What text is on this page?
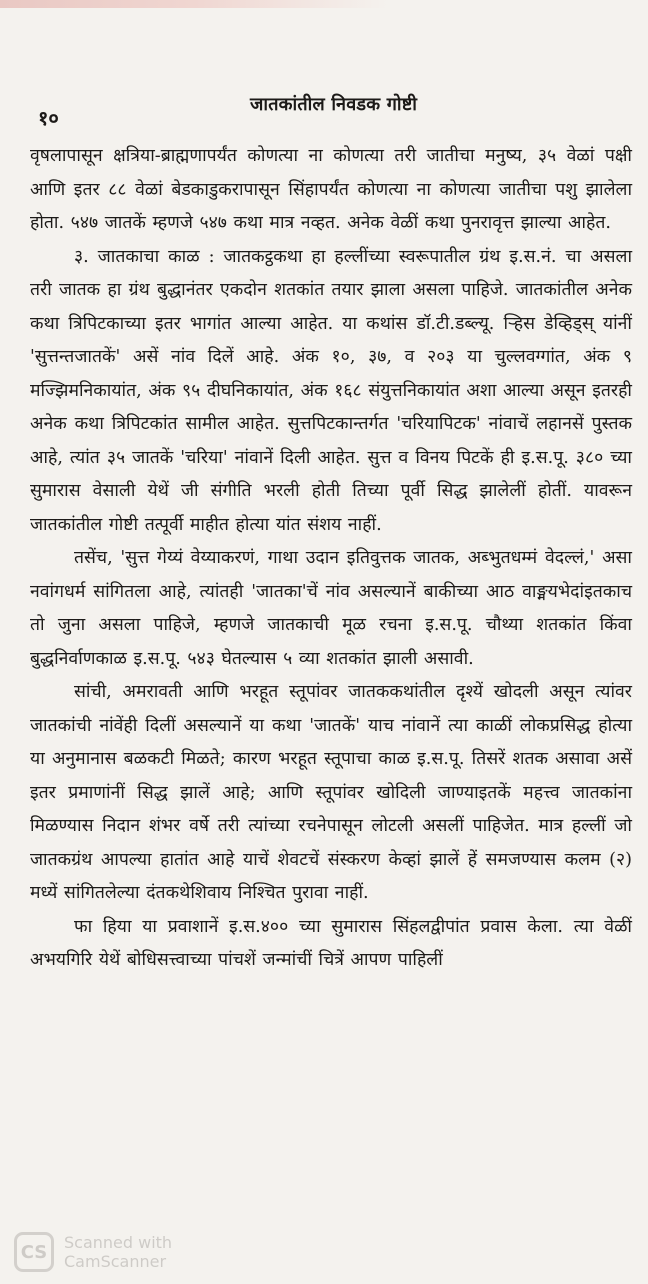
१०
जातकांतील निवडक गोष्टी

वृषलापासून क्षत्रिया-ब्राह्मणापर्यंत कोणत्या ना कोणत्या तरी जातीचा मनुष्य, ३५ वेळां पक्षी आणि इतर ८८ वेळां बेडकाडुकरापासून सिंहापर्यंत कोणत्या ना कोणत्या जातीचा पशु झालेला होता. ५४७ जातकें म्हणजे ५४७ कथा मात्र नव्हत. अनेक वेळीं कथा पुनरावृत्त झाल्या आहेत.

३. जातकाचा काळ : जातकट्ठकथा हा हल्लींच्या स्वरूपातील ग्रंथ इ.स.नं. चा असला तरी जातक हा ग्रंथ बुद्धानंतर एकदोन शतकांत तयार झाला असला पाहिजे. जातकांतील अनेक कथा त्रिपिटकाच्या इतर भागांत आल्या आहेत. या कथांस डॉ.टी.डब्ल्यू. ऱ्हिस डेव्हिड्स् यांनीं 'सुत्तन्तजातकें' असें नांव दिलें आहे. अंक १०, ३७, व २०३ या चुल्लवग्गांत, अंक ९ मज्झिमनिकायांत, अंक ९५ दीघनिकायांत, अंक १६८ संयुत्तनिकायांत अशा आल्या असून इतरही अनेक कथा त्रिपिटकांत सामील आहेत. सुत्तपिटकान्तर्गत 'चरियापिटक' नांवाचें लहानसें पुस्तक आहे, त्यांत ३५ जातकें 'चरिया' नांवानें दिली आहेत. सुत्त व विनय पिटकें ही इ.स.पू. ३८० च्या सुमारास वेसाली येथें जी संगीति भरली होती तिच्या पूर्वी सिद्ध झालेलीं होतीं. यावरून जातकांतील गोष्टी तत्पूर्वी माहीत होत्या यांत संशय नाहीं.

तसेंच, 'सुत्त गेय्यं वेय्याकरणं, गाथा उदान इतिवुत्तक जातक, अब्भुतधम्मं वेदल्लं,' असा नवांगधर्म सांगितला आहे, त्यांतही 'जातका'चें नांव असल्यानें बाकीच्या आठ वाङ्मयभेदांइतकाच तो जुना असला पाहिजे, म्हणजे जातकाची मूळ रचना इ.स.पू. चौथ्या शतकांत किंवा बुद्धनिर्वाणकाळ इ.स.पू. ५४३ घेतल्यास ५ व्या शतकांत झाली असावी.

सांची, अमरावती आणि भरहूत स्तूपांवर जातककथांतील दृश्यें खोदली असून त्यांवर जातकांची नांवेंही दिलीं असल्यानें या कथा 'जातकें' याच नांवानें त्या काळीं लोकप्रसिद्ध होत्या या अनुमानास बळकटी मिळते; कारण भरहूत स्तूपाचा काळ इ.स.पू. तिसरें शतक असावा असें इतर प्रमाणांनीं सिद्ध झालें आहे; आणि स्तूपांवर खोदिली जाण्याइतकें महत्त्व जातकांना मिळण्यास निदान शंभर वर्षे तरी त्यांच्या रचनेपासून लोटली असलीं पाहिजेत. मात्र हल्लीं जो जातकग्रंथ आपल्या हातांत आहे याचें शेवटचें संस्करण केव्हां झालें हें समजण्यास कलम (२) मध्यें सांगितलेल्या दंतकथेशिवाय निश्चित पुरावा नाहीं.

फा हिया या प्रवाशानें इ.स.४०० च्या सुमारास सिंहलद्वीपांत प्रवास केला. त्या वेळीं अभयगिरि येथें बोधिसत्त्वाच्या पांचशें जन्मांचीं चित्रें आपण पाहिलीं

CS	Scanned with
CamScanner
